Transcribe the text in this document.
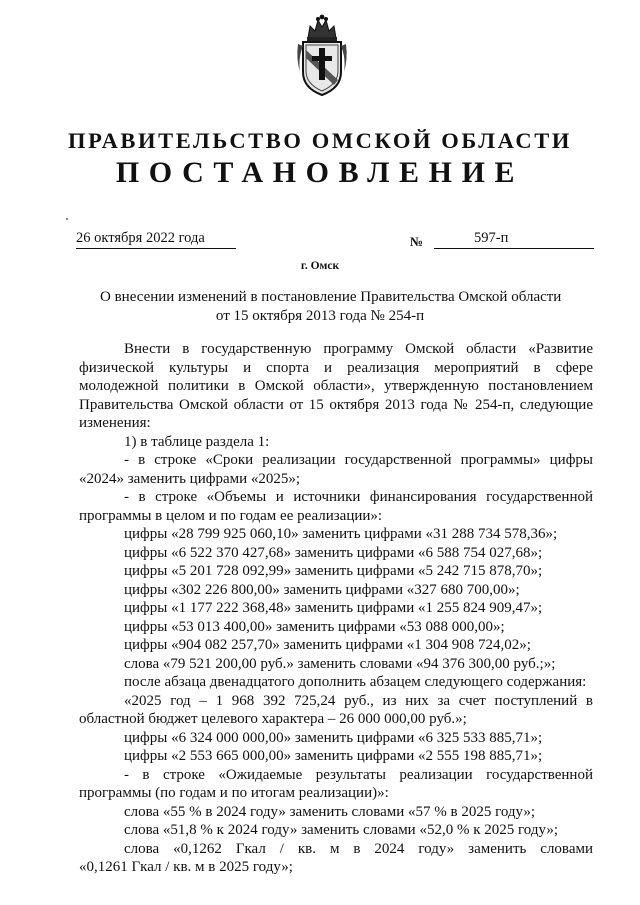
ПРАВИТЕЛЬСТВО ОМСКОЙ ОБЛАСТИ
ПОСТАНОВЛЕНИЕ
26 октября 2022 года	№	597-п
г. Омск
О внесении изменений в постановление Правительства Омской области
от 15 октября 2013 года № 254-п
Внести в государственную программу Омской области «Развитие
физической культуры и спорта и реализация мероприятий в сфере
молодежной политики в Омской области», утвержденную постановлением
Правительства Омской области от 15 октября 2013 года № 254-п, следующие
изменения:
1) в таблице раздела 1:
- в строке «Сроки реализации государственной программы» цифры
«2024» заменить цифрами «2025»;
- в строке «Объемы и источники финансирования государственной
программы в целом и по годам ее реализации»:
цифры «28 799 925 060,10» заменить цифрами «31 288 734 578,36»;
цифры «6 522 370 427,68» заменить цифрами «6 588 754 027,68»;
цифры «5 201 728 092,99» заменить цифрами «5 242 715 878,70»;
цифры «302 226 800,00» заменить цифрами «327 680 700,00»;
цифры «1 177 222 368,48» заменить цифрами «1 255 824 909,47»;
цифры «53 013 400,00» заменить цифрами «53 088 000,00»;
цифры «904 082 257,70» заменить цифрами «1 304 908 724,02»;
слова «79 521 200,00 руб.» заменить словами «94 376 300,00 руб.;»;
после абзаца двенадцатого дополнить абзацем следующего содержания:
«2025 год – 1 968 392 725,24 руб., из них за счет поступлений в
областной бюджет целевого характера – 26 000 000,00 руб.»;
цифры «6 324 000 000,00» заменить цифрами «6 325 533 885,71»;
цифры «2 553 665 000,00» заменить цифрами «2 555 198 885,71»;
- в строке «Ожидаемые результаты реализации государственной
программы (по годам и по итогам реализации)»:
слова «55 % в 2024 году» заменить словами «57 % в 2025 году»;
слова «51,8 % к 2024 году» заменить словами «52,0 % к 2025 году»;
слова «0,1262 Гкал / кв. м в 2024 году» заменить словами
«0,1261 Гкал / кв. м в 2025 году»;
